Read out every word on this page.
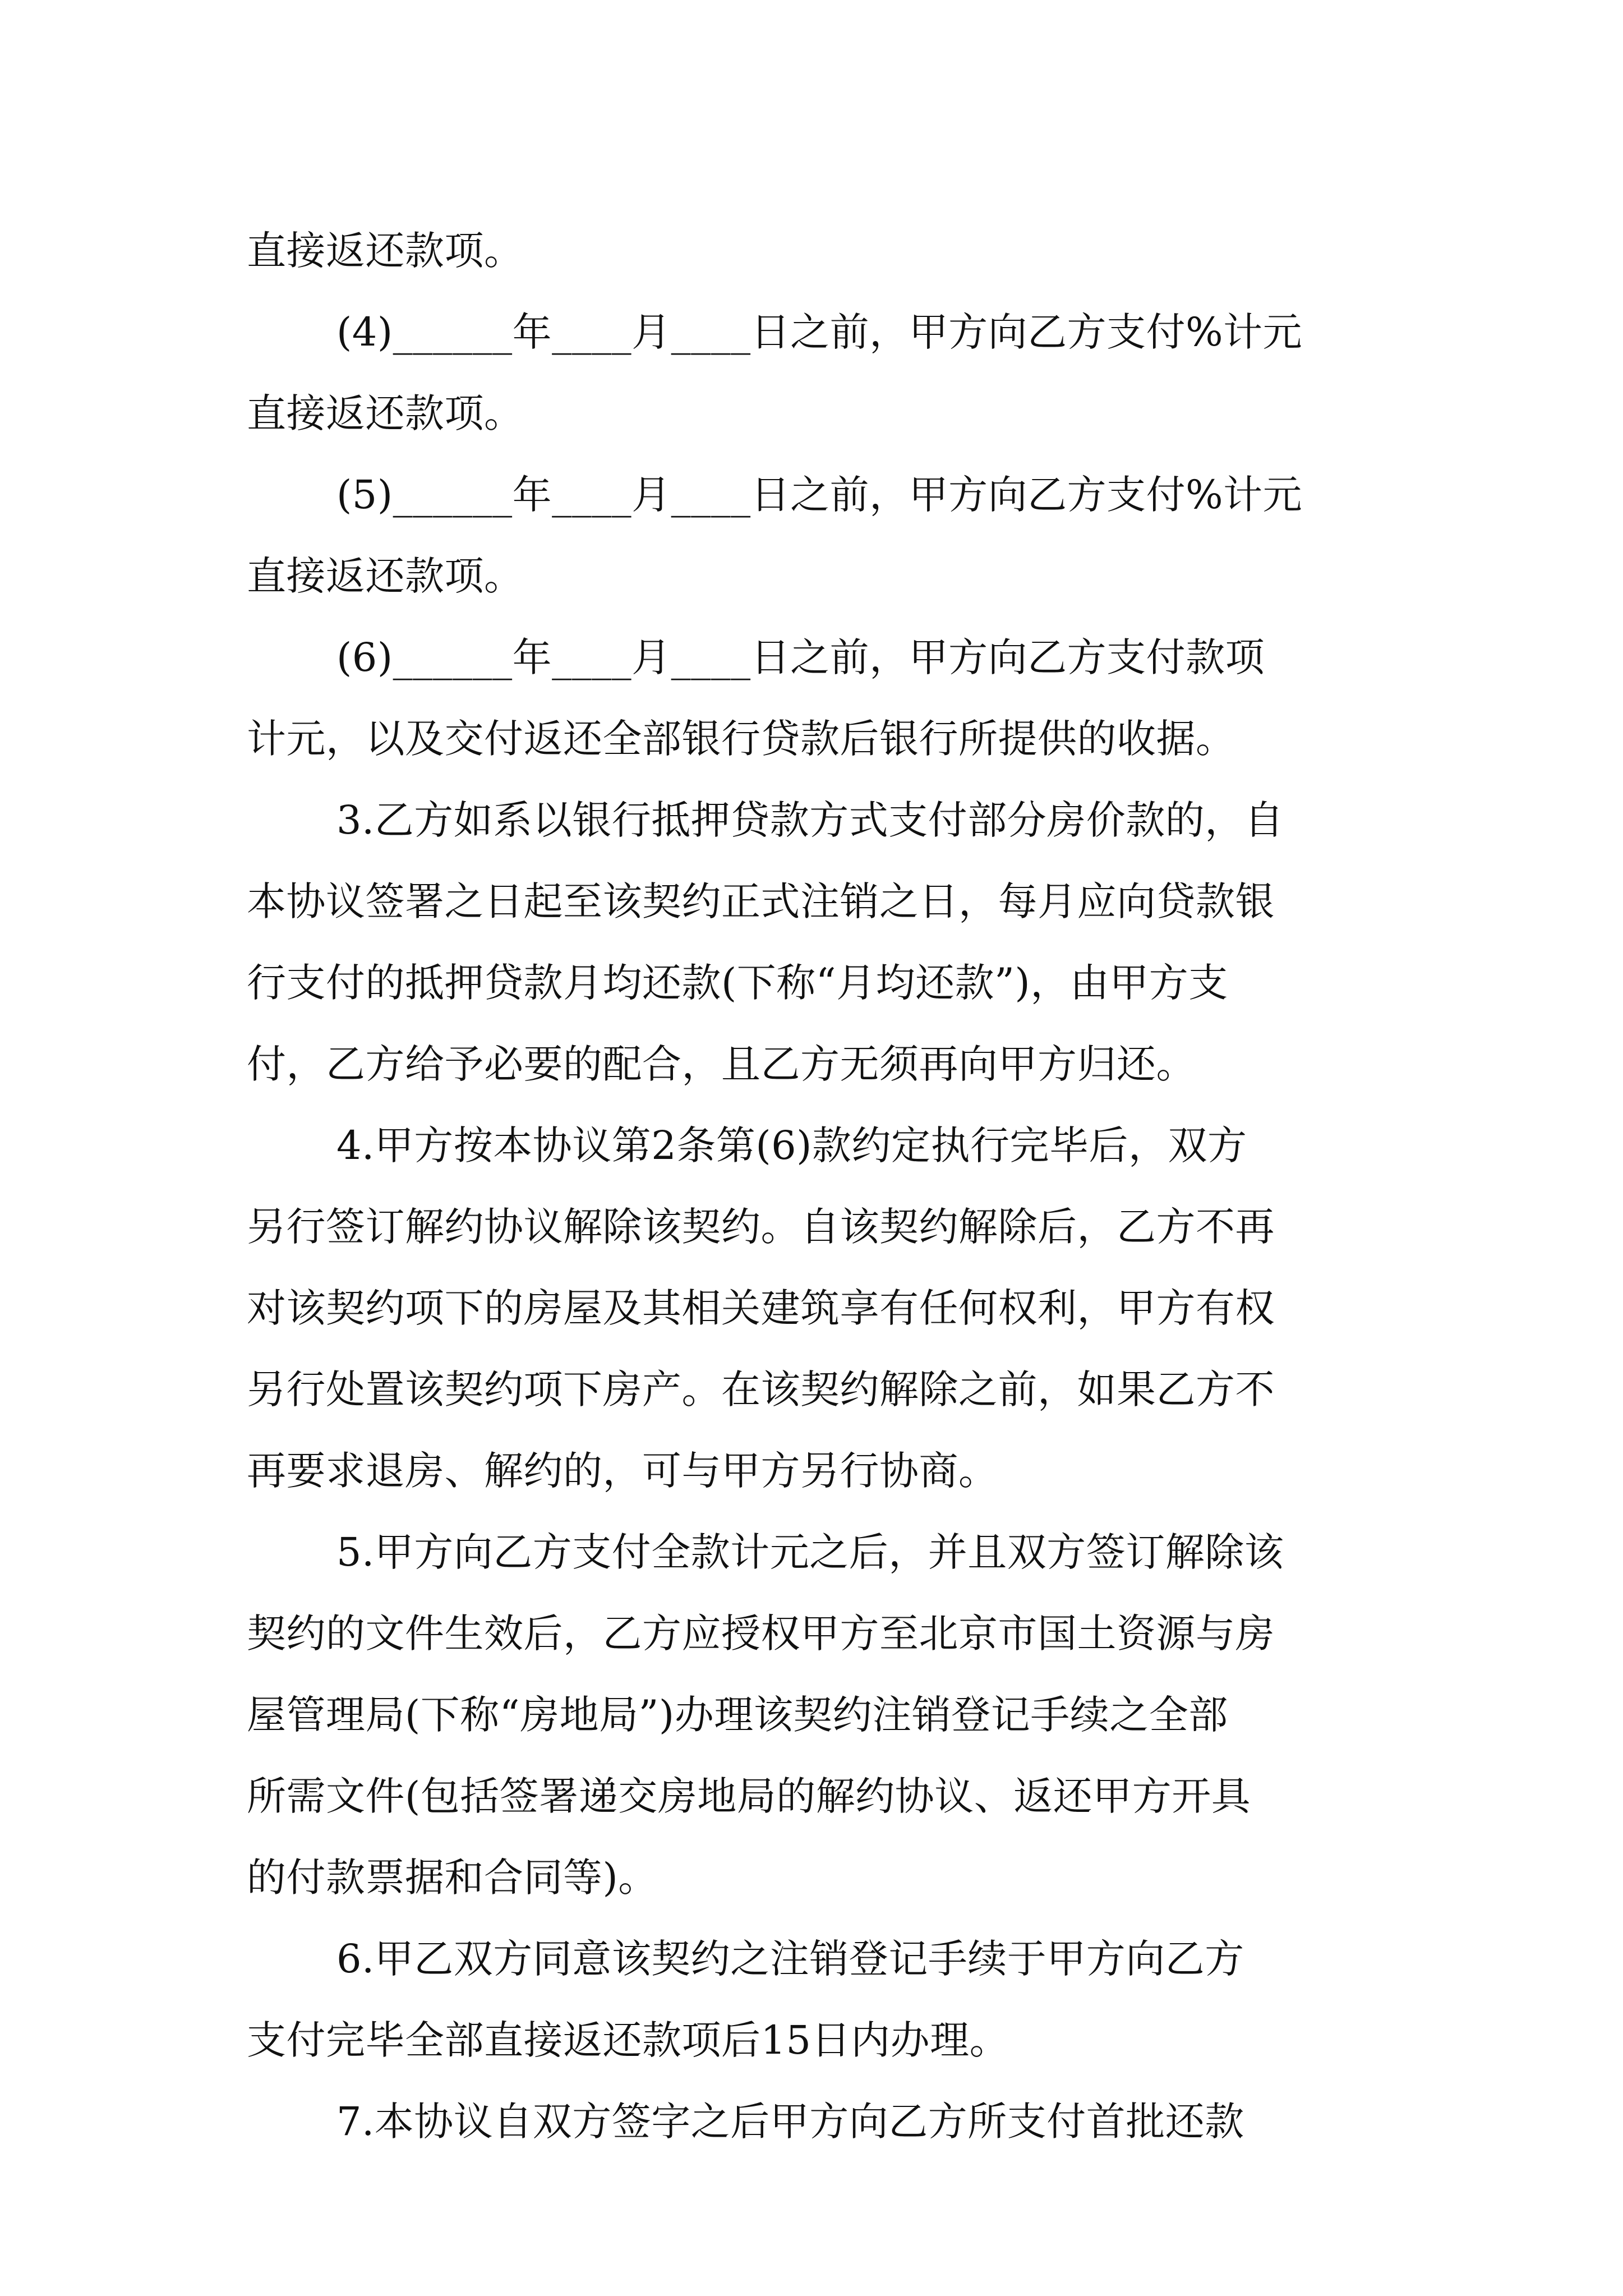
直接返还款项。
(4)______年____月____日之前，甲方向乙方支付%计元
直接返还款项。
(5)______年____月____日之前，甲方向乙方支付%计元
直接返还款项。
(6)______年____月____日之前，甲方向乙方支付款项
计元，以及交付返还全部银行贷款后银行所提供的收据。
3.乙方如系以银行抵押贷款方式支付部分房价款的，自
本协议签署之日起至该契约正式注销之日，每月应向贷款银
行支付的抵押贷款月均还款(下称“月均还款”)，由甲方支
付，乙方给予必要的配合，且乙方无须再向甲方归还。
4.甲方按本协议第2条第(6)款约定执行完毕后，双方
另行签订解约协议解除该契约。自该契约解除后，乙方不再
对该契约项下的房屋及其相关建筑享有任何权利，甲方有权
另行处置该契约项下房产。在该契约解除之前，如果乙方不
再要求退房、解约的，可与甲方另行协商。
5.甲方向乙方支付全款计元之后，并且双方签订解除该
契约的文件生效后，乙方应授权甲方至北京市国土资源与房
屋管理局(下称“房地局”)办理该契约注销登记手续之全部
所需文件(包括签署递交房地局的解约协议、返还甲方开具
的付款票据和合同等)。
6.甲乙双方同意该契约之注销登记手续于甲方向乙方
支付完毕全部直接返还款项后15日内办理。
7.本协议自双方签字之后甲方向乙方所支付首批还款
